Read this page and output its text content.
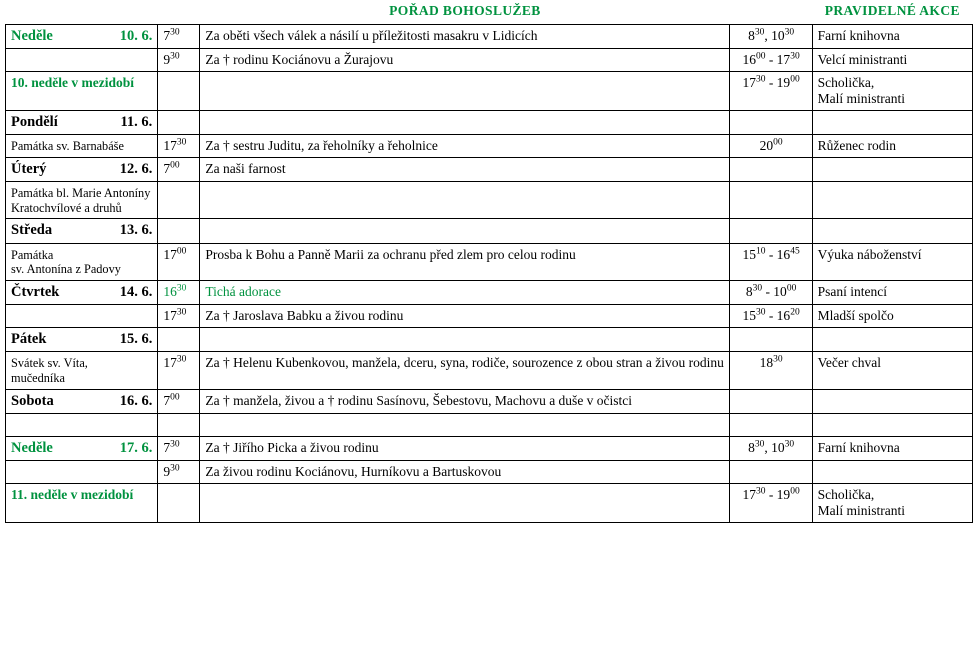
		POŘAD BOHOSLUŽEB		PRAVIDELNÉ AKCE

Neděle 10. 6.	$7^{30}$	Za oběti všech válek a násilí u příležitosti masakru v Lidicích	$8^{30}$, $10^{30}$	Farní knihovna
	$9^{30}$	Za † rodinu Kociánovu a Žurajovu	$16^{00} - 17^{30}$	Velcí ministranti

10. neděle v mezidobí			$17^{30} - 19^{00}$	Scholička,
Malí ministranti

Pondělí 11. 6.				

Památka sv. Barnabáše	$17^{30}$	Za † sestru Juditu, za řeholníky a řeholnice	$20^{00}$	Růženec rodin

Úterý 12. 6.	$7^{00}$	Za naši farnost		

Památka bl. Marie Antoníny
Kratochvílové a druhů				

Středa 13. 6.				

Památka
sv. Antonína z Padovy	$17^{00}$	Prosba k Bohu a Panně Marii za ochranu před zlem pro celou rodinu	$15^{10} - 16^{45}$	Výuka náboženství

Čtvrtek 14. 6.	$16^{30}$	Tichá adorace	$8^{30} - 10^{00}$	Psaní intencí
	$17^{30}$	Za † Jaroslava Babku a živou rodinu	$15^{30} - 16^{20}$	Mladší spolčo

Pátek 15. 6.				

Svátek sv. Víta,
mučedníka	$17^{30}$	Za † Helenu Kubenkovou, manžela, dceru, syna, rodiče, sourozence z obou stran a živou rodinu	$18^{30}$	Večer chval

Sobota 16. 6.	$7^{00}$	Za † manžela, živou a † rodinu Sasínovu, Šebestovu, Machovu a duše v očistci		

Neděle 17. 6.	$7^{30}$	Za † Jiřího Picka a živou rodinu	$8^{30}$, $10^{30}$	Farní knihovna
	$9^{30}$	Za živou rodinu Kociánovu, Hurníkovu a Bartuskovou		

11. neděle v mezidobí			$17^{30} - 19^{00}$	Scholička,
Malí ministranti
